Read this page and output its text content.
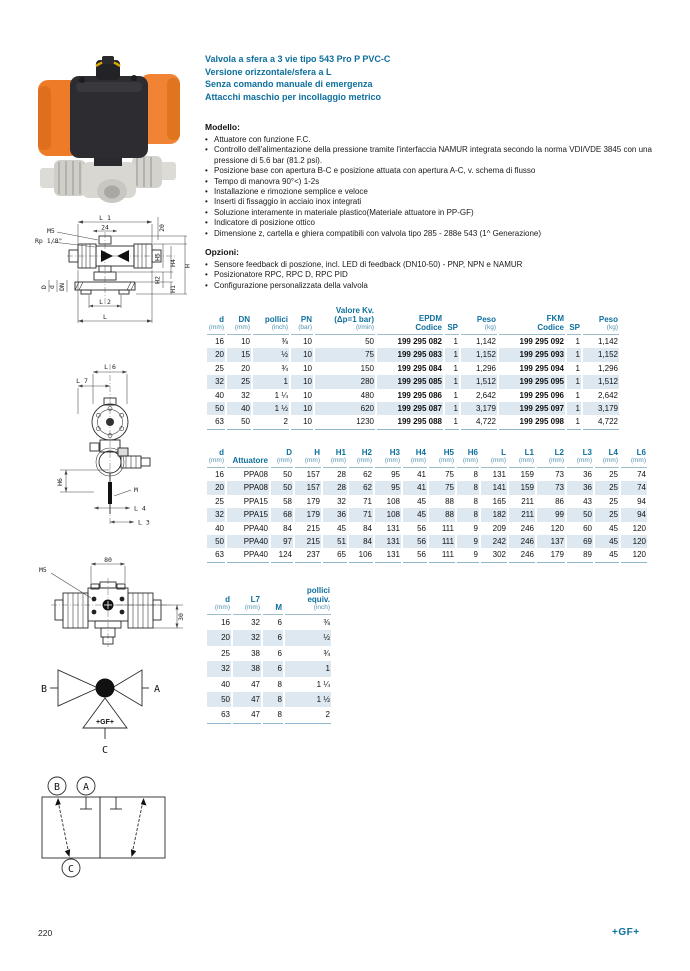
L 1
24	20
M5
Rp 1/8"
H5
H4 H
H2
H1
D d DN
L 2
L
L 6
L 7
H6
M
L 4
L 3
80
M5
30
B	A
+GF+
C
B A
C
Valvola a sfera a 3 vie tipo 543 Pro P PVC-C
Versione orizzontale/sfera a L
Senza comando manuale di emergenza
Attacchi maschio per incollaggio metrico
Modello:
• Attuatore con funzione F.C.
• Controllo dell'alimentazione della pressione tramite l'interfaccia NAMUR integrata secondo la norma VDI/VDE 3845 con una pressione di 5.6 bar (81.2 psi).
• Posizione base con apertura B-C e posizione attuata con apertura A-C, v. schema di flusso
• Tempo di manovra 90°<) 1-2s
• Installazione e rimozione semplice e veloce
• Inserti di fissaggio in acciaio inox integrati
• Soluzione interamente in materiale plastico(Materiale attuatore in PP-GF)
• Indicatore di posizione ottico
• Dimensione z, cartella e ghiera compatibili con valvola tipo 285 - 288e 543 (1^ Generazione)
Opzioni:
• Sensore feedback di poszione, incl. LED di feedback (DN10-50) - PNP, NPN e NAMUR
• Posizionatore RPC, RPC D, RPC PID
• Configurazione personalizzata della valvola
d
(mm)

DN
(mm)

pollici
(inch)

PN
(bar)

Valore Kv.
(Δp=1 bar)
(l/min)

EPDM
Codice	SP

Peso
(kg)

FKM
Codice	SP

Peso
(kg)

16	10	⅜	10	50	199 295 082	1	1,142	199 295 092	1	1,142
20	15	½	10	75	199 295 083	1	1,152	199 295 093	1	1,152
25	20	¾	10	150	199 295 084	1	1,296	199 295 094	1	1,296
32	25	1	10	280	199 295 085	1	1,512	199 295 095	1	1,512
40	32	1 ¼	10	480	199 295 086	1	2,642	199 295 096	1	2,642
50	40	1 ½	10	620	199 295 087	1	3,179	199 295 097	1	3,179
63	50	2	10	1230	199 295 088	1	4,722	199 295 098	1	4,722
d
(mm)	Attuatore

D
(mm)

H
(mm)

H1
(mm)

H2
(mm)

H3
(mm)

H4
(mm)

H5
(mm)

H6
(mm)

L
(mm)

L1
(mm)

L2
(mm)

L3
(mm)

L4
(mm)

L6
(mm)

16	PPA08	50	157	28	62	95	41	75	8	131	159	73	36	25	74
20	PPA08	50	157	28	62	95	41	75	8	141	159	73	36	25	74
25	PPA15	58	179	32	71	108	45	88	8	165	211	86	43	25	94
32	PPA15	68	179	36	71	108	45	88	8	182	211	99	50	25	94
40	PPA40	84	215	45	84	131	56	111	9	209	246	120	60	45	120
50	PPA40	97	215	51	84	131	56	111	9	242	246	137	69	45	120
63	PPA40	124	237	65	106	131	56	111	9	302	246	179	89	45	120
d
(mm)

L7
(mm)	M

pollici
equiv.
(inch)

16	32	6	⅜
20	32	6	½
25	38	6	¾
32	38	6	1
40	47	8	1 ¼
50	47	8	1 ½
63	47	8	2
220	+GF+
